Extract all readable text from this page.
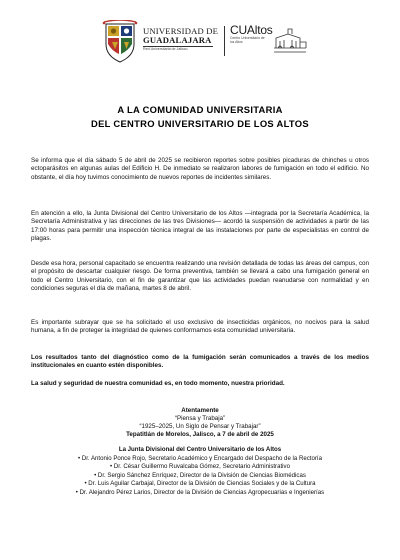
UNIVERSIDAD DE
GUADALAJARA
Red Universitaria de Jalisco
CUAltos
Centro Universitario de los Altos
A LA COMUNIDAD UNIVERSITARIA
DEL CENTRO UNIVERSITARIO DE LOS ALTOS

Se informa que el día sábado 5 de abril de 2025 se recibieron reportes sobre posibles picaduras de chinches u otros ectoparásitos en algunas aulas del Edificio H. De inmediato se realizaron labores de fumigación en todo el edificio. No obstante, el día hoy tuvimos conocimiento de nuevos reportes de incidentes similares.

En atención a ello, la Junta Divisional del Centro Universitario de los Altos —integrada por la Secretaría Académica, la Secretaría Administrativa y las direcciones de las tres Divisiones— acordó la suspensión de actividades a partir de las 17:00 horas para permitir una inspección técnica integral de las instalaciones por parte de especialistas en control de plagas.

Desde esa hora, personal capacitado se encuentra realizando una revisión detallada de todas las áreas del campus, con el propósito de descartar cualquier riesgo. De forma preventiva, también se llevará a cabo una fumigación general en todo el Centro Universitario, con el fin de garantizar que las actividades puedan reanudarse con normalidad y en condiciones seguras el día de mañana, martes 8 de abril.

Es importante subrayar que se ha solicitado el uso exclusivo de insecticidas orgánicos, no nocivos para la salud humana, a fin de proteger la integridad de quienes conformamos esta comunidad universitaria.

Los resultados tanto del diagnóstico como de la fumigación serán comunicados a través de los medios institucionales en cuanto estén disponibles.

La salud y seguridad de nuestra comunidad es, en todo momento, nuestra prioridad.

Atentamente
“Piensa y Trabaja”
“1925–2025, Un Siglo de Pensar y Trabajar”
Tepatitlán de Morelos, Jalisco, a 7 de abril de 2025
La Junta Divisional del Centro Universitario de los Altos
• Dr. Antonio Ponce Rojo, Secretario Académico y Encargado del Despacho de la Rectoría
• Dr. César Guillermo Ruvalcaba Gómez, Secretario Administrativo
• Dr. Sergio Sánchez Enríquez, Director de la División de Ciencias Biomédicas
• Dr. Luis Aguilar Carbajal, Director de la División de Ciencias Sociales y de la Cultura
• Dr. Alejandro Pérez Larios, Director de la División de Ciencias Agropecuarias e Ingenierías
